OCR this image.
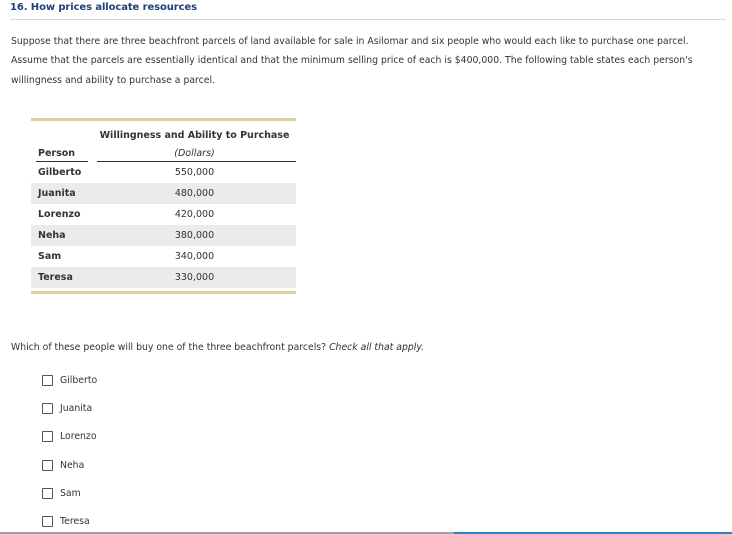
16. How prices allocate resources
Suppose that there are three beachfront parcels of land available for sale in Asilomar and six people who would each like to purchase one parcel. Assume that the parcels are essentially identical and that the minimum selling price of each is $400,000. The following table states each person's willingness and ability to purchase a parcel.
Willingness and Ability to Purchase
Person	(Dollars)
Gilberto	550,000
Juanita	480,000
Lorenzo	420,000
Neha	380,000
Sam	340,000
Teresa	330,000
Which of these people will buy one of the three beachfront parcels? Check all that apply.
Gilberto
Juanita
Lorenzo
Neha
Sam
Teresa
